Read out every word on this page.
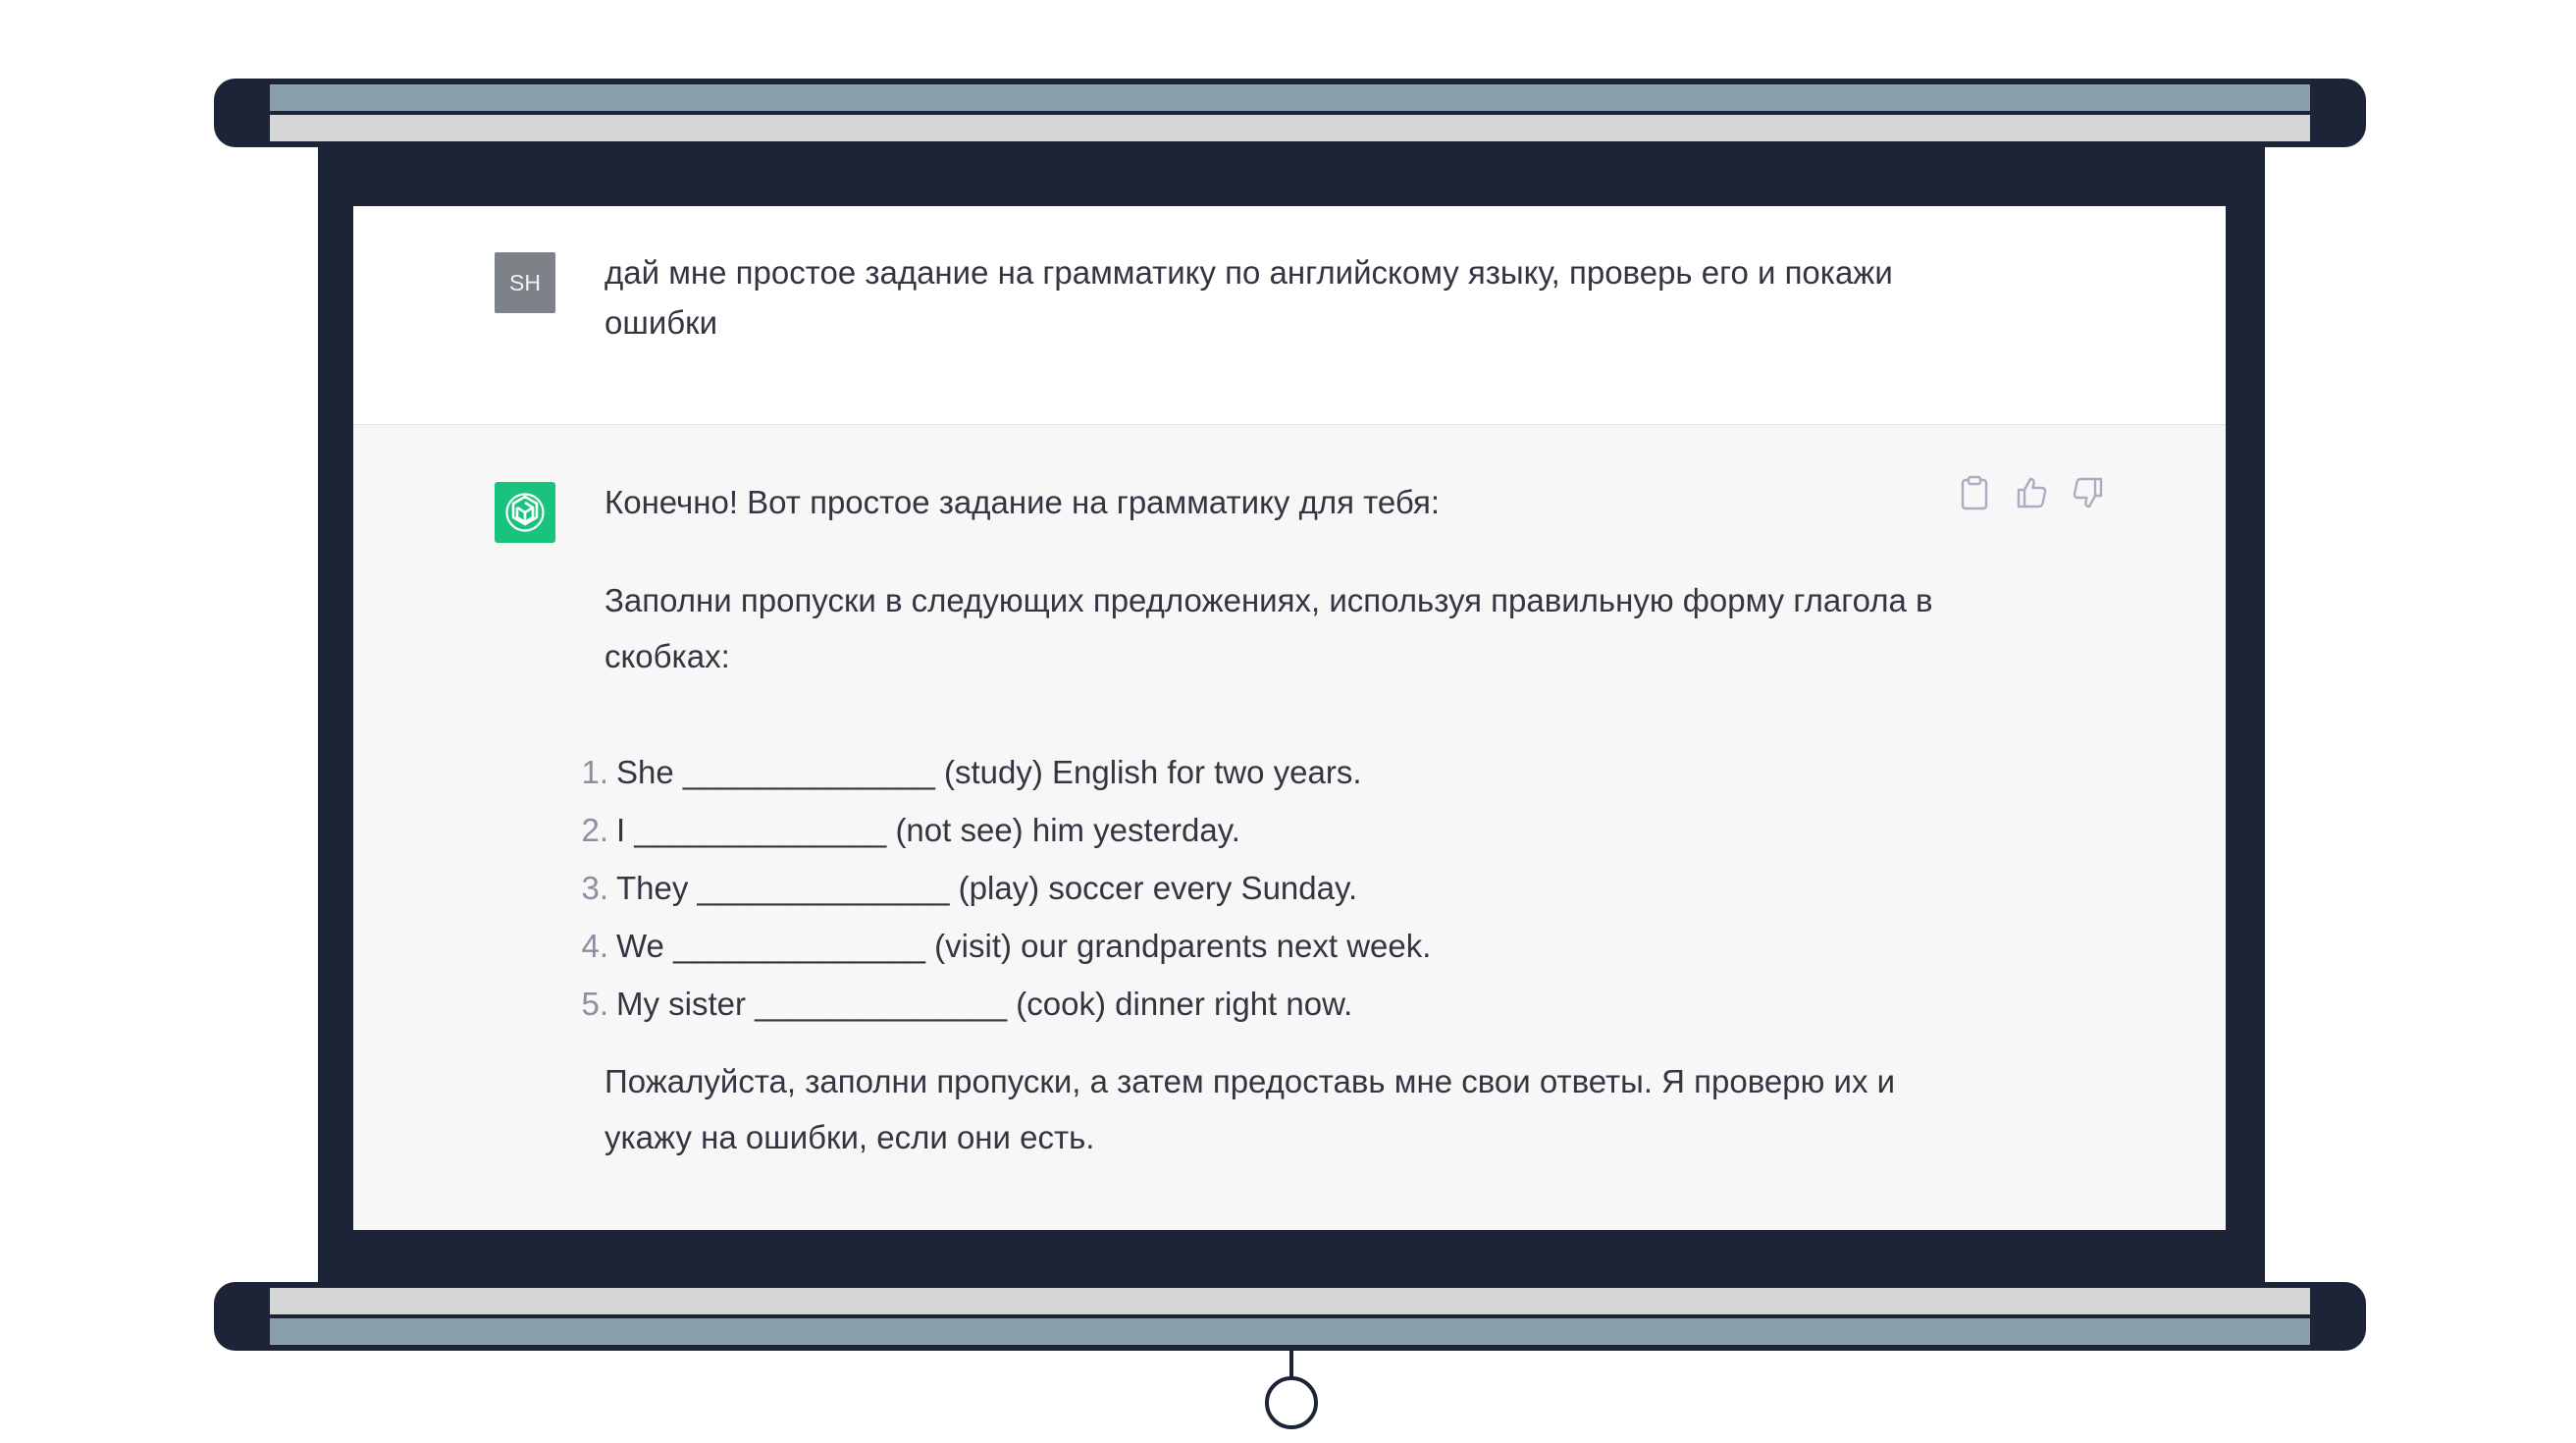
SH дай мне простое задание на грамматику по английскому языку, проверь его и покажи ошибки
Конечно! Вот простое задание на грамматику для тебя:
Заполни пропуски в следующих предложениях, используя правильную форму глагола в скобках:
1. She ______________ (study) English for two years.
2. I ______________ (not see) him yesterday.
3. They ______________ (play) soccer every Sunday.
4. We ______________ (visit) our grandparents next week.
5. My sister ______________ (cook) dinner right now.
Пожалуйста, заполни пропуски, а затем предоставь мне свои ответы. Я проверю их и укажу на ошибки, если они есть.
